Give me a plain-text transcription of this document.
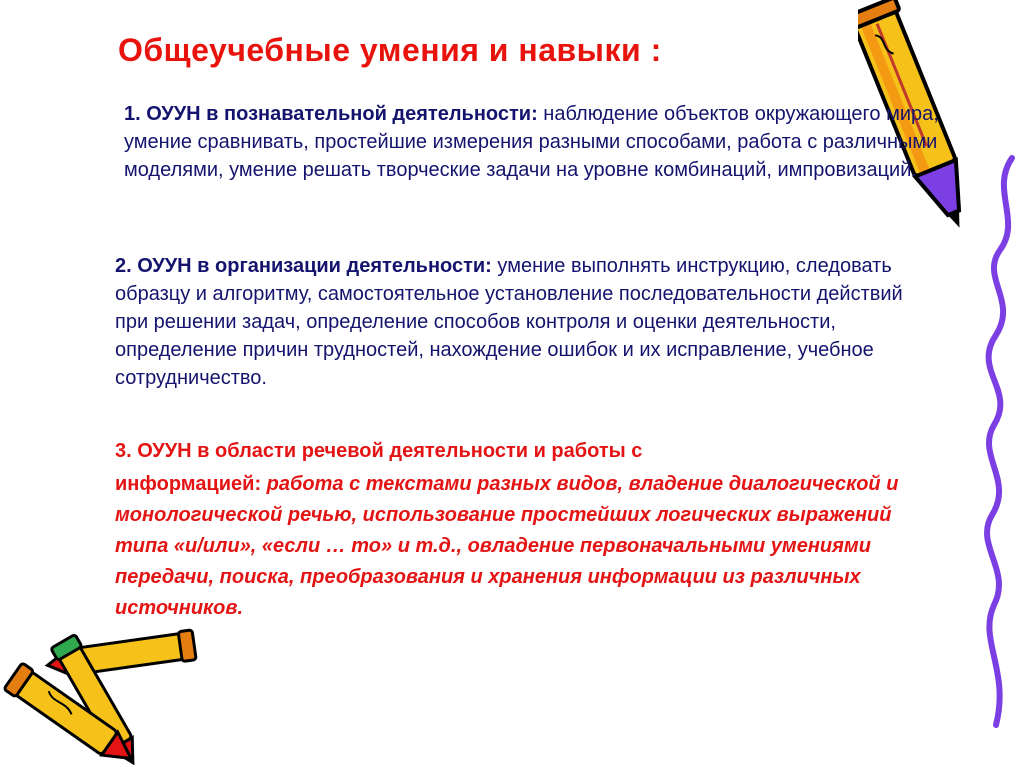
Общеучебные умения и навыки :
1. ОУУН в познавательной деятельности: наблюдение объектов окружающего мира, умение сравнивать, простейшие измерения разными способами, работа с различными моделями, умение решать творческие задачи на уровне комбинаций, импровизаций.
2. ОУУН в организации деятельности: умение выполнять инструкцию, следовать образцу и алгоритму, самостоятельное установление последовательности действий при решении задач, определение способов контроля и оценки деятельности, определение причин трудностей, нахождение ошибок и их исправление, учебное сотрудничество.
3. ОУУН в области речевой деятельности и работы с
информацией: работа с текстами разных видов, владение диалогической и монологической речью, использование простейших логических выражений типа «и/или», «если … то» и т.д., овладение первоначальными умениями передачи, поиска, преобразования и хранения информации из различных источников.
